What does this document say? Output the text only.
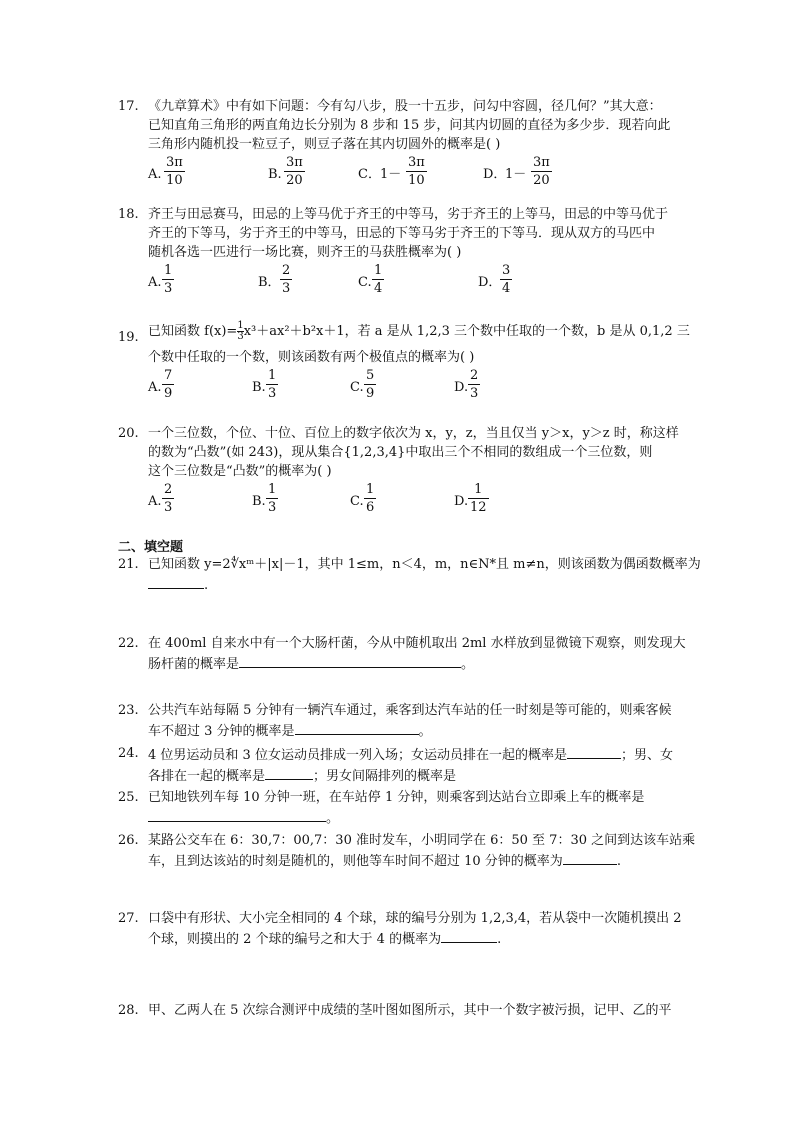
17. 《九章算术》中有如下问题：今有勾八步，股一十五步，问勾中容圆，径几何？”其大意：

已知直角三角形的两直角边长分别为 8 步和 15 步，问其内切圆的直径为多少步．现若向此

三角形内随机投一粒豆子，则豆子落在其内切圆外的概率是( )

A. $\frac{3\pi}{10}$	B. $\frac{3\pi}{20}$	C． $1- \frac{3\pi}{10}$	D．
$1- \frac{3\pi}{20}$
18. 齐王与田忌赛马，田忌的上等马优于齐王的中等马，劣于齐王的上等马，田忌的中等马优于

齐王的下等马，劣于齐王的中等马，田忌的下等马劣于齐王的下等马．现从双方的马匹中

随机各选一匹进行一场比赛，则齐王的马获胜概率为( )

A. $\frac{1}{3}$	B． $\frac{2}{3}$	C. $\frac{1}{4}$	D．
$\frac{3}{4}$
19. 已知函数 $f(x)= \frac{1}{3} x^3+ax^2+b^2x+1$，若 a 是从 1,2,3 三个数中任取的一个数，b 是从 0,1,2 三

个数中任取的一个数，则该函数有两个极值点的概率为( )

A. $\frac{7}{9}$	B. $\frac{1}{3}$	C. $\frac{5}{9}$	D. $\frac{2}{3}$
20. 一个三位数，个位、十位、百位上的数字依次为 x，y，z，当且仅当 y＞x，y＞z 时，称这样

的数为“凸数”(如 243)，现从集合{1,2,3,4}中取出三个不相同的数组成一个三位数，则

这个三位数是“凸数”的概率为( )

A. $\frac{2}{3}$	B. $\frac{1}{3}$	C. $\frac{1}{6}$	D. $\frac{1}{12}$
二、填空题
21. 已知函数 y=2∜xᵐ＋|x|－1，其中 1≤m，n＜4，m，n∈N*且 m≠n，则该函数为偶函数概率为

.

22. 在 400ml 自来水中有一个大肠杆菌，今从中随机取出 2ml 水样放到显微镜下观察，则发现大

肠杆菌的概率是	。

23. 公共汽车站每隔 5 分钟有一辆汽车通过，乘客到达汽车站的任一时刻是等可能的，则乘客候

车不超过 3 分钟的概率是	。

24. 4 位男运动员和 3 位女运动员排成一列入场；女运动员排在一起的概率是	；男、女

各排在一起的概率是	；男女间隔排列的概率是

25. 已知地铁列车每 10 分钟一班，在车站停 1 分钟，则乘客到达站台立即乘上车的概率是

。

26. 某路公交车在 6：30,7：00,7：30 准时发车，小明同学在 6：50 至 7：30 之间到达该车站乘

车，且到达该站的时刻是随机的，则他等车时间不超过 10 分钟的概率为	.

27. 口袋中有形状、大小完全相同的 4 个球，球的编号分别为 1,2,3,4，若从袋中一次随机摸出 2

个球，则摸出的 2 个球的编号之和大于 4 的概率为	.

28. 甲、乙两人在 5 次综合测评中成绩的茎叶图如图所示，其中一个数字被污损，记甲、乙的平
